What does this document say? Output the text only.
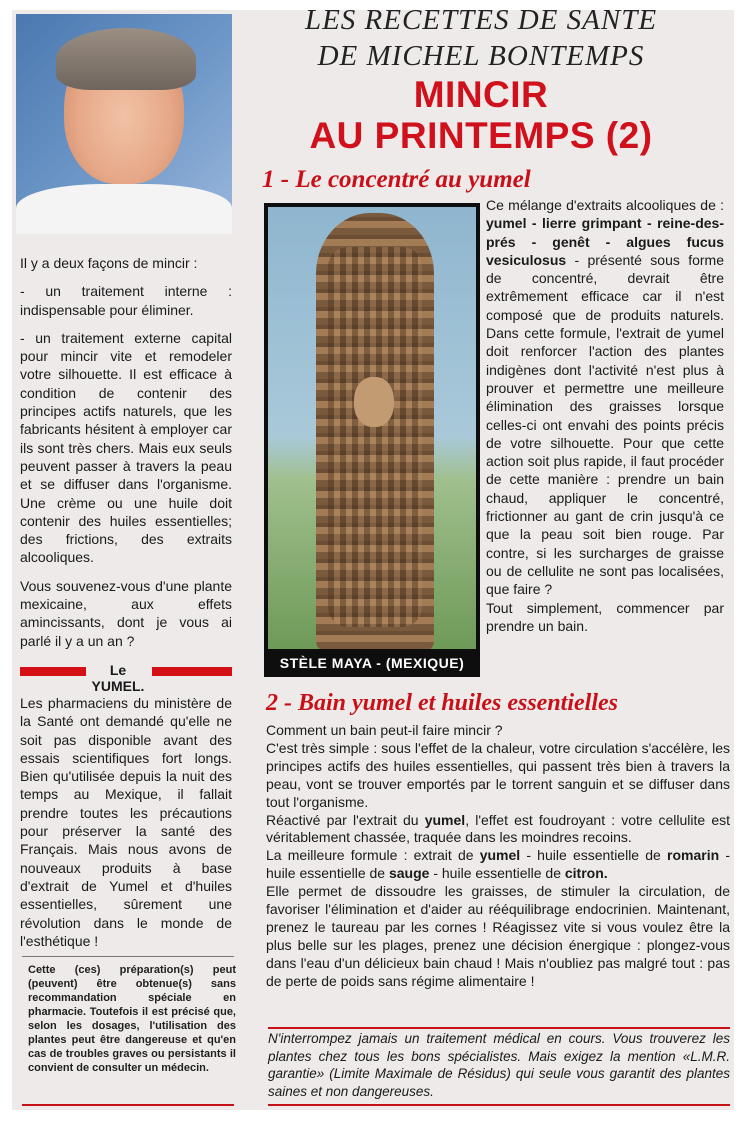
LES RECETTES DE SANTE
DE MICHEL BONTEMPS
MINCIR
AU PRINTEMPS (2)
1 - Le concentré au yumel

Il y a deux façons de mincir :

- un traitement interne : indispensable pour éliminer.

- un traitement externe capital pour mincir vite et remodeler votre silhouette. Il est efficace à condition de contenir des principes actifs naturels, que les fabricants hésitent à employer car ils sont très chers. Mais eux seuls peuvent passer à travers la peau et se diffuser dans l'organisme. Une crème ou une huile doit contenir des huiles essentielles; des frictions, des extraits alcooliques.

Vous souvenez-vous d'une plante mexicaine, aux effets amincissants, dont je vous ai parlé il y a un an ?

Le YUMEL.

Les pharmaciens du ministère de la Santé ont demandé qu'elle ne soit pas disponible avant des essais scientifiques fort longs. Bien qu'utilisée depuis la nuit des temps au Mexique, il fallait prendre toutes les précautions pour préserver la santé des Français. Mais nous avons de nouveaux produits à base d'extrait de Yumel et d'huiles essentielles, sûrement une révolution dans le monde de l'esthétique !

Cette (ces) préparation(s) peut (peuvent) être obtenue(s) sans recommandation spéciale en pharmacie. Toutefois il est précisé que, selon les dosages, l'utilisation des plantes peut être dangereuse et qu'en cas de troubles graves ou persistants il convient de consulter un médecin.
STÈLE MAYA - (MEXIQUE)

Ce mélange d'extraits alcooliques de : yumel - lierre grimpant - reine-des-prés - genêt - algues fucus vesiculosus - présenté sous forme de concentré, devrait être extrêmement efficace car il n'est composé que de produits naturels. Dans cette formule, l'extrait de yumel doit renforcer l'action des plantes indigènes dont l'activité n'est plus à prouver et permettre une meilleure élimination des graisses lorsque celles-ci ont envahi des points précis de votre silhouette. Pour que cette action soit plus rapide, il faut procéder de cette manière : prendre un bain chaud, appliquer le concentré, frictionner au gant de crin jusqu'à ce que la peau soit bien rouge. Par contre, si les surcharges de graisse ou de cellulite ne sont pas localisées, que faire ?

Tout simplement, commencer par prendre un bain.

2 - Bain yumel et huiles essentielles

Comment un bain peut-il faire mincir ?

C'est très simple : sous l'effet de la chaleur, votre circulation s'accélère, les principes actifs des huiles essentielles, qui passent très bien à travers la peau, vont se trouver emportés par le torrent sanguin et se diffuser dans tout l'organisme.

Réactivé par l'extrait du yumel, l'effet est foudroyant : votre cellulite est véritablement chassée, traquée dans les moindres recoins.

La meilleure formule : extrait de yumel - huile essentielle de romarin - huile essentielle de sauge - huile essentielle de citron.

Elle permet de dissoudre les graisses, de stimuler la circulation, de favoriser l'élimination et d'aider au rééquilibrage endocrinien. Maintenant, prenez le taureau par les cornes ! Réagissez vite si vous voulez être la plus belle sur les plages, prenez une décision énergique : plongez-vous dans l'eau d'un délicieux bain chaud ! Mais n'oubliez pas malgré tout : pas de perte de poids sans régime alimentaire !

N'interrompez jamais un traitement médical en cours. Vous trouverez les plantes chez tous les bons spécialistes. Mais exigez la mention «L.M.R. garantie» (Limite Maximale de Résidus) qui seule vous garantit des plantes saines et non dangereuses.
